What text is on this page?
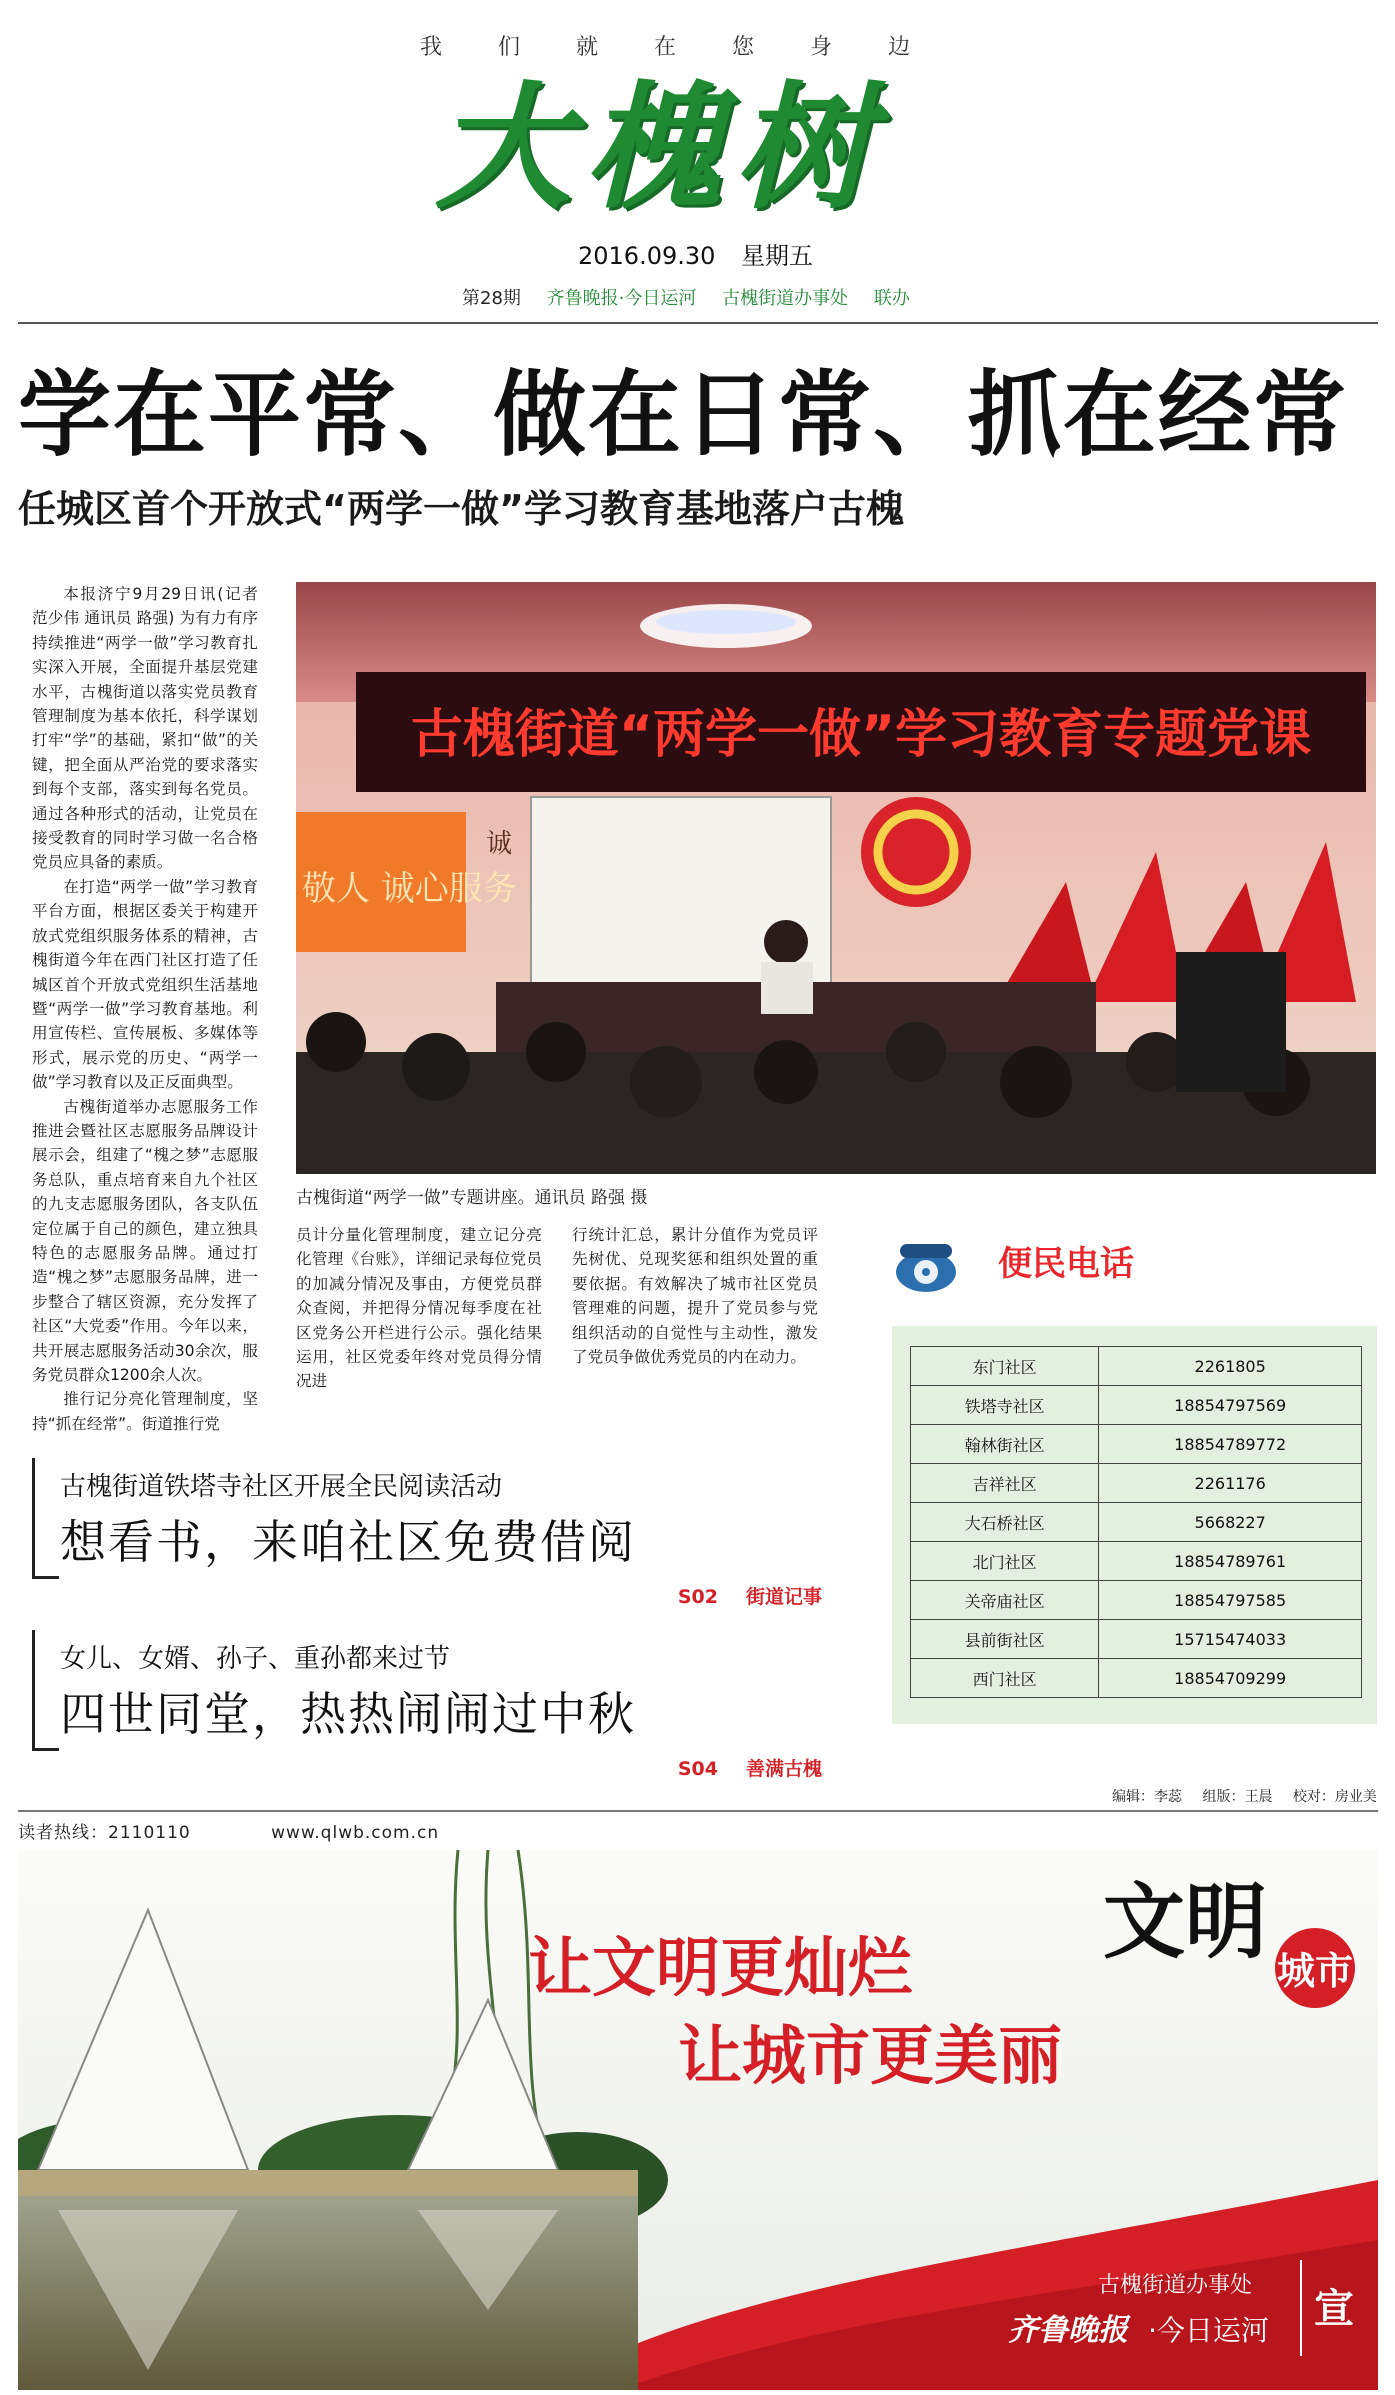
我们就在您身边
大槐树
2016.09.30 星期五
第28期 齐鲁晚报·今日运河 古槐街道办事处 联办
学在平常、做在日常、抓在经常
任城区首个开放式“两学一做”学习教育基地落户古槐

本报济宁9月29日讯(记者 范少伟 通讯员 路强) 为有力有序持续推进“两学一做”学习教育扎实深入开展，全面提升基层党建水平，古槐街道以落实党员教育管理制度为基本依托，科学谋划打牢“学”的基础，紧扣“做”的关键，把全面从严治党的要求落实到每个支部，落实到每名党员。通过各种形式的活动，让党员在接受教育的同时学习做一名合格党员应具备的素质。

在打造“两学一做”学习教育平台方面，根据区委关于构建开放式党组织服务体系的精神，古槐街道今年在西门社区打造了任城区首个开放式党组织生活基地暨“两学一做”学习教育基地。利用宣传栏、宣传展板、多媒体等形式，展示党的历史、“两学一做”学习教育以及正反面典型。

古槐街道举办志愿服务工作推进会暨社区志愿服务品牌设计展示会，组建了“槐之梦”志愿服务总队，重点培育来自九个社区的九支志愿服务团队，各支队伍定位属于自己的颜色，建立独具特色的志愿服务品牌。通过打造“槐之梦”志愿服务品牌，进一步整合了辖区资源，充分发挥了社区“大党委”作用。今年以来，共开展志愿服务活动30余次，服务党员群众1200余人次。

推行记分亮化管理制度，坚持“抓在经常”。街道推行党

员计分量化管理制度，建立记分亮化管理《台账》，详细记录每位党员的加减分情况及事由，方便党员群众查阅，并把得分情况每季度在社区党务公开栏进行公示。强化结果运用，社区党委年终对党员得分情况进

行统计汇总，累计分值作为党员评先树优、兑现奖惩和组织处置的重要依据。有效解决了城市社区党员管理难的问题，提升了党员参与党组织活动的自觉性与主动性，激发了党员争做优秀党员的内在动力。

古槐街道“两学一做”学习教育专题党课
敬人 诚心服务
诚
古槐街道“两学一做”专题讲座。通讯员 路强 摄
便民电话
东门社区	2261805
铁塔寺社区	18854797569
翰林街社区	18854789772
吉祥社区	2261176
大石桥社区	5668227
北门社区	18854789761
关帝庙社区	18854797585
县前街社区	15715474033
西门社区	18854709299
古槐街道铁塔寺社区开展全民阅读活动
想看书，来咱社区免费借阅
S02 街道记事
女儿、女婿、孙子、重孙都来过节
四世同堂，热热闹闹过中秋
S04 善满古槐
编辑：李蕊 组版：王晨 校对：房业美
读者热线：2110110	www.qlwb.com.cn
让文明更灿烂
让城市更美丽
文明
城市
古槐街道办事处
齐鲁晚报 ·今日运河 宣
